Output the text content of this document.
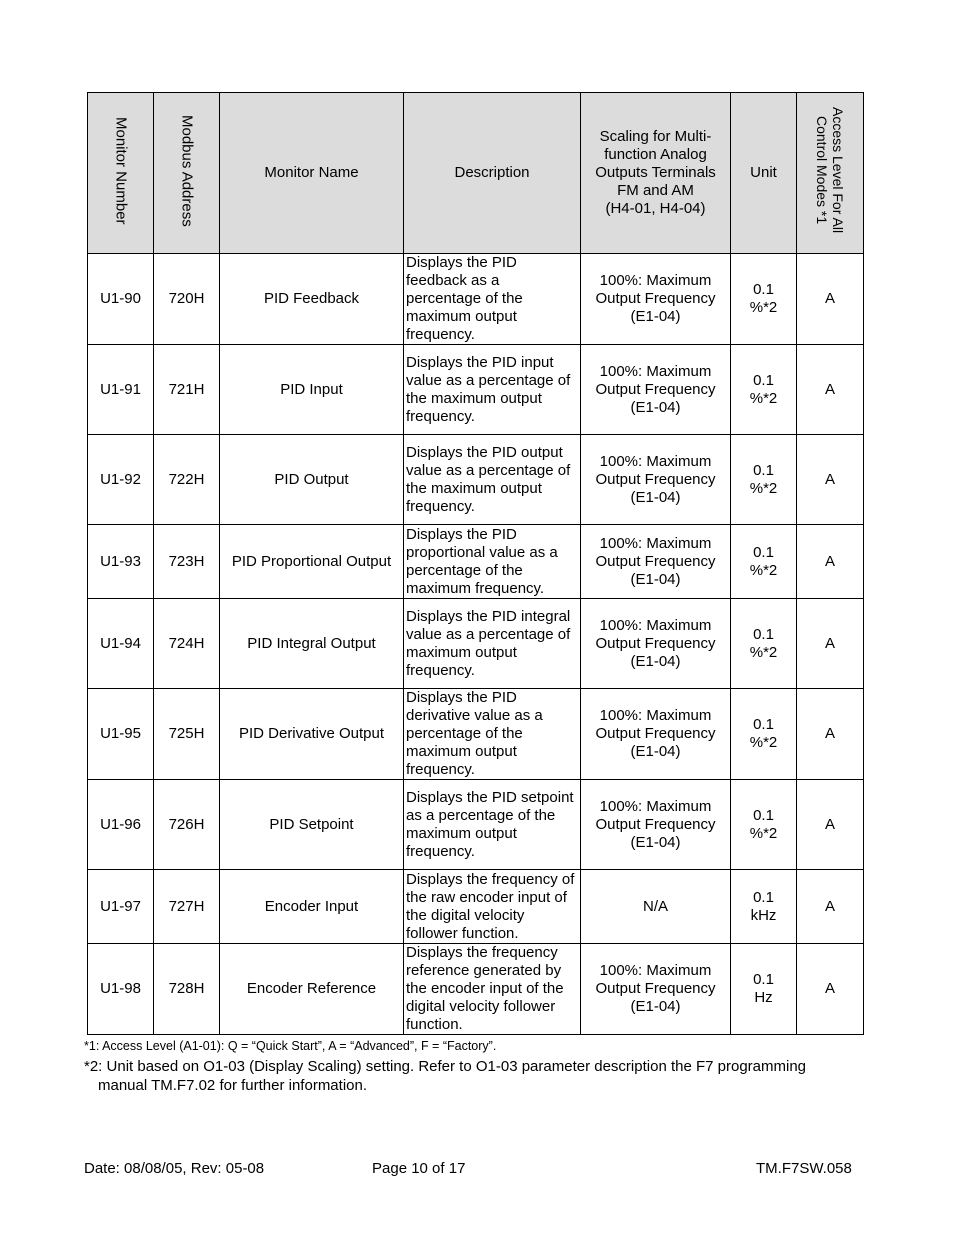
Monitor Number	Modbus Address	Monitor Name	Description	Scaling for Multi-
function Analog
Outputs Terminals
FM and AM
(H4-01, H4-04)	Unit	Access Level For All
Control Modes *1
U1-90	720H	PID Feedback	Displays the PID feedback as a percentage of the maximum output frequency.	100%: Maximum
Output Frequency
(E1-04)	0.1
%*2	A
U1-91	721H	PID Input	Displays the PID input value as a percentage of the maximum output frequency.	100%: Maximum
Output Frequency
(E1-04)	0.1
%*2	A
U1-92	722H	PID Output	Displays the PID output value as a percentage of the maximum output frequency.	100%: Maximum
Output Frequency
(E1-04)	0.1
%*2	A
U1-93	723H	PID Proportional Output	Displays the PID proportional value as a percentage of the maximum frequency.	100%: Maximum
Output Frequency
(E1-04)	0.1
%*2	A
U1-94	724H	PID Integral Output	Displays the PID integral value as a percentage of maximum output frequency.	100%: Maximum
Output Frequency
(E1-04)	0.1
%*2	A
U1-95	725H	PID Derivative Output	Displays the PID derivative value as a percentage of the maximum output frequency.	100%: Maximum
Output Frequency
(E1-04)	0.1
%*2	A
U1-96	726H	PID Setpoint	Displays the PID setpoint as a percentage of the maximum output frequency.	100%: Maximum
Output Frequency
(E1-04)	0.1
%*2	A
U1-97	727H	Encoder Input	Displays the frequency of the raw encoder input of the digital velocity follower function.	N/A	0.1
kHz	A
U1-98	728H	Encoder Reference	Displays the frequency reference generated by the encoder input of the digital velocity follower function.	100%: Maximum
Output Frequency
(E1-04)	0.1
Hz	A
*1: Access Level (A1-01): Q = “Quick Start”, A = “Advanced”, F = “Factory”.
*2: Unit based on O1-03 (Display Scaling) setting. Refer to O1-03 parameter description the F7 programming
manual TM.F7.02 for further information.
Date: 08/08/05, Rev: 05-08	Page 10 of 17	TM.F7SW.058
